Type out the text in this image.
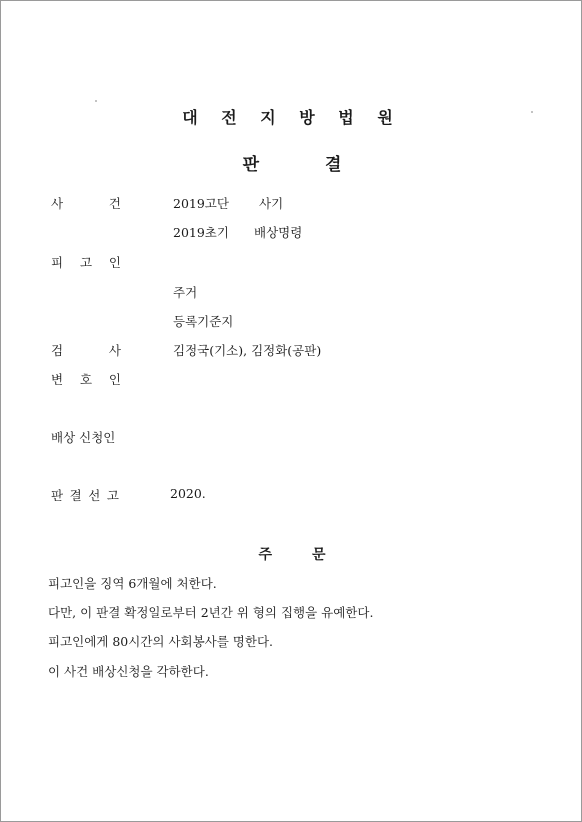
대 전 지 방 법 원
판	결
사	건	2019고단 사기
2019초기 배상명령
피 고 인
주거
등록기준지
검	사	김정국(기소), 김정화(공판)
변 호 인
배상 신청인
판 결 선 고	2020.
주	문
피고인을 징역 6개월에 처한다.
다만, 이 판결 확정일로부터 2년간 위 형의 집행을 유예한다.
피고인에게 80시간의 사회봉사를 명한다.
이 사건 배상신청을 각하한다.
